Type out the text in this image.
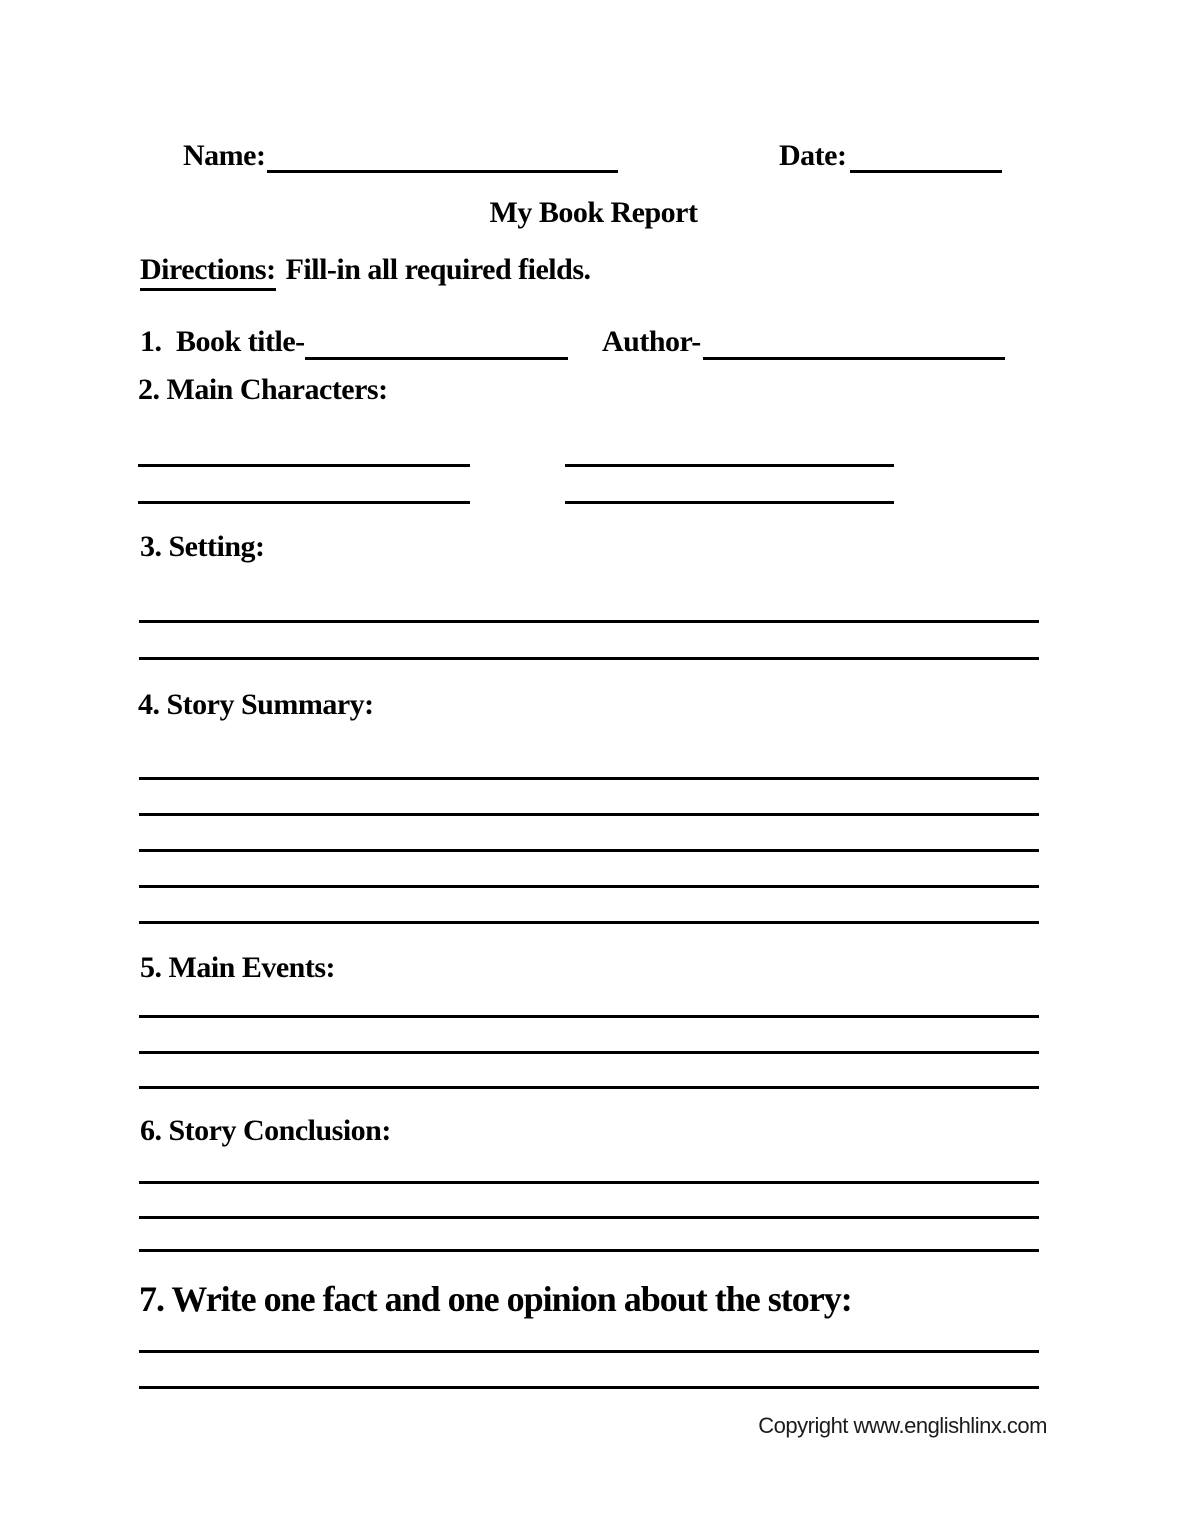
Name:	Date:
My Book Report
Directions: Fill-in all required fields.
1. Book title-	Author-
2. Main Characters:
3. Setting:
4. Story Summary:
5. Main Events:
6. Story Conclusion:
7. Write one fact and one opinion about the story:
Copyright www.englishlinx.com
